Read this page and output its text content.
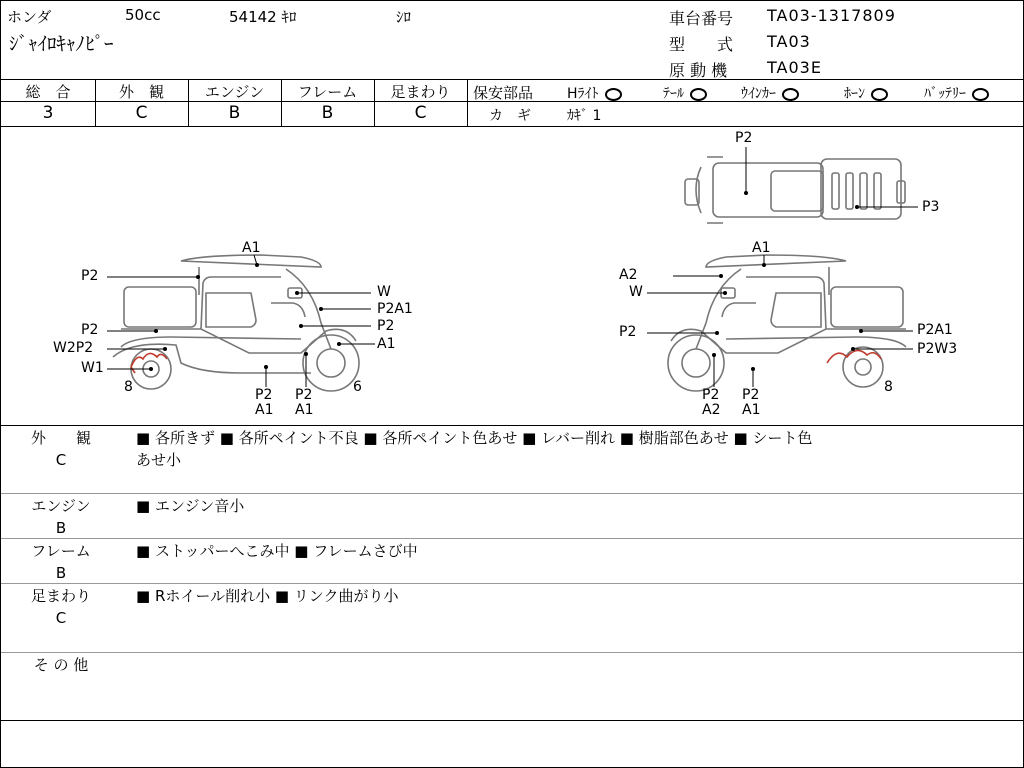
ホンダ	50cc	54142 ｷﾛ	ｼﾛ
ｼﾞｬｲﾛｷｬﾉﾋﾟｰ
車台番号 TA03-1317809
型　　式 TA03
原 動 機 TA03E
総　合	外　観	エンジン	フレーム	足まわり
3	C	B	B	C
保安部品 Hﾗｲﾄ	ﾃｰﾙ	ｳｲﾝｶｰ	ﾎｰﾝ	ﾊﾞｯﾃﾘｰ
カ　ギ	ｶｷﾞ 1
A1
P2
W
P2A1
P2
P2
A1
W2P2
W1
8	6
P2
A1
P2
A1
A1
A2
W
P2	P2A1
P2W3
8
P2
A2
P2
A1
P2
P3
外　　観
C
■ 各所きず ■ 各所ペイント不良 ■ 各所ペイント色あせ ■ レバー削れ ■ 樹脂部色あせ ■ シート色
あせ小
エンジン
B
■ エンジン音小
フレーム
B
■ ストッパーへこみ中 ■ フレームさび中
足まわり
C
■ Rホイール削れ小 ■ リンク曲がり小
そ の 他
